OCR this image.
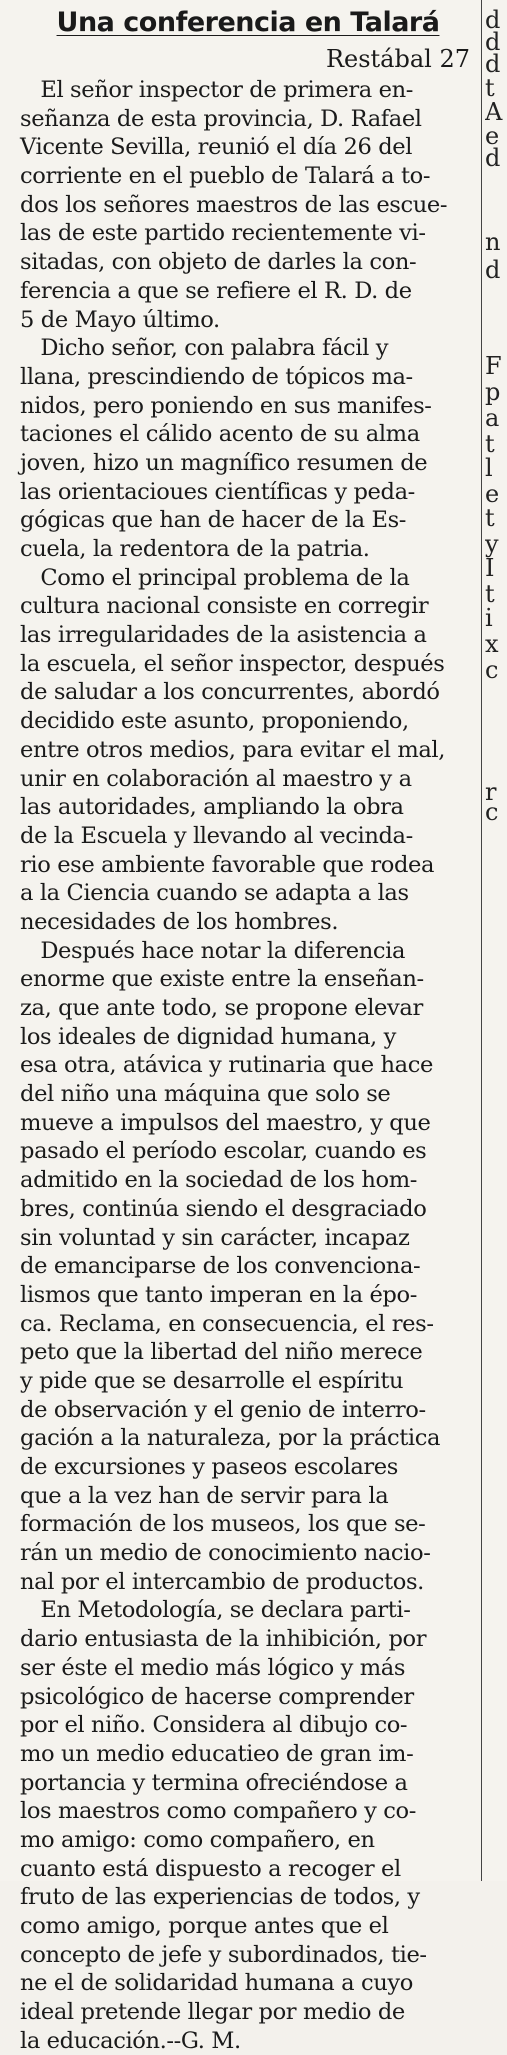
d
d
d
t
A
e
d
n
d
F
p
a
t
l
e
t
y
I
t
i
x
c
r
c
Una conferencia en Talará

Restábal 27

El señor inspector de primera en-
señanza de esta provincia, D. Rafael
Vicente Sevilla, reunió el día 26 del
corriente en el pueblo de Talará a to-
dos los señores maestros de las escue-
las de este partido recientemente vi-
sitadas, con objeto de darles la con-
ferencia a que se refiere el R. D. de
5 de Mayo último.

Dicho señor, con palabra fácil y
llana, prescindiendo de tópicos ma-
nidos, pero poniendo en sus manifes-
taciones el cálido acento de su alma
joven, hizo un magnífico resumen de
las orientacioues científicas y peda-
gógicas que han de hacer de la Es-
cuela, la redentora de la patria.

Como el principal problema de la
cultura nacional consiste en corregir
las irregularidades de la asistencia a
la escuela, el señor inspector, después
de saludar a los concurrentes, abordó
decidido este asunto, proponiendo,
entre otros medios, para evitar el mal,
unir en colaboración al maestro y a
las autoridades, ampliando la obra
de la Escuela y llevando al vecinda-
rio ese ambiente favorable que rodea
a la Ciencia cuando se adapta a las
necesidades de los hombres.

Después hace notar la diferencia
enorme que existe entre la enseñan-
za, que ante todo, se propone elevar
los ideales de dignidad humana, y
esa otra, atávica y rutinaria que hace
del niño una máquina que solo se
mueve a impulsos del maestro, y que
pasado el período escolar, cuando es
admitido en la sociedad de los hom-
bres, continúa siendo el desgraciado
sin voluntad y sin carácter, incapaz
de emanciparse de los convenciona-
lismos que tanto imperan en la épo-
ca. Reclama, en consecuencia, el res-
peto que la libertad del niño merece
y pide que se desarrolle el espíritu
de observación y el genio de interro-
gación a la naturaleza, por la práctica
de excursiones y paseos escolares
que a la vez han de servir para la
formación de los museos, los que se-
rán un medio de conocimiento nacio-
nal por el intercambio de productos.

En Metodología, se declara parti-
dario entusiasta de la inhibición, por
ser éste el medio más lógico y más
psicológico de hacerse comprender
por el niño. Considera al dibujo co-
mo un medio educatieo de gran im-
portancia y termina ofreciéndose a
los maestros como compañero y co-
mo amigo: como compañero, en
cuanto está dispuesto a recoger el
fruto de las experiencias de todos, y
como amigo, porque antes que el
concepto de jefe y subordinados, tie-
ne el de solidaridad humana a cuyo
ideal pretende llegar por medio de
la educación.--G. M.
